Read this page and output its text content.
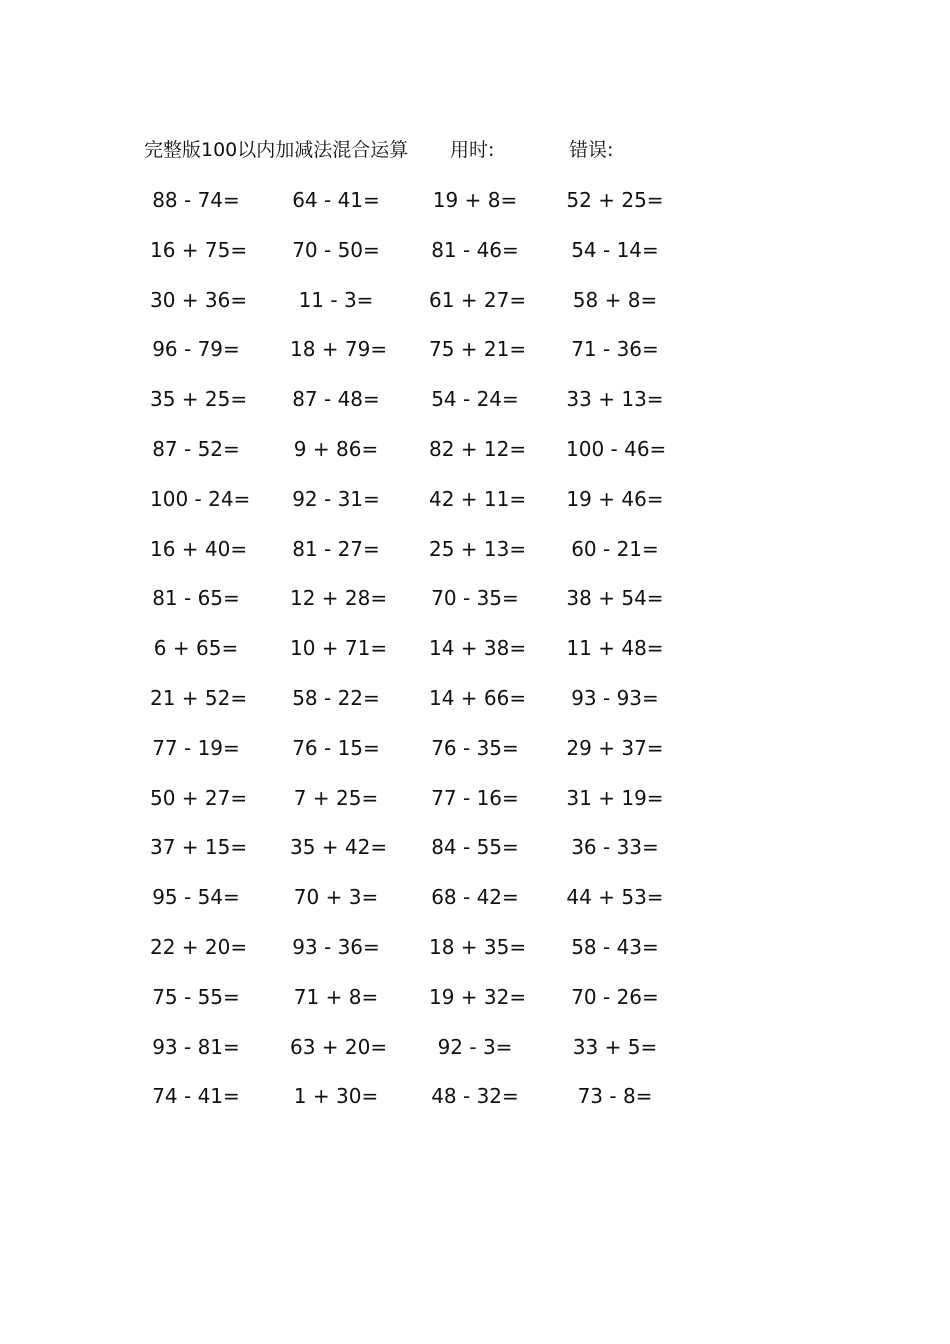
完整版100以内加减法混合运算 用时:	错误:
88 - 74=	64 - 41=	19 + 8= 52 + 25=
16 + 75= 70 - 50=	81 - 46=	54 - 14=
30 + 36=	11 - 3=	61 + 27=	58 + 8=
96 - 79=	18 + 79= 75 + 21= 71 - 36=
35 + 25= 87 - 48=	54 - 24= 33 + 13=
87 - 52=	9 + 86=	82 + 12= 100 - 46=
100 - 24= 92 - 31= 42 + 11= 19 + 46=
16 + 40= 81 - 27= 25 + 13= 60 - 21=
81 - 65=	12 + 28= 70 - 35= 38 + 54=
6 + 65=	10 + 71= 14 + 38= 11 + 48=
21 + 52= 58 - 22= 14 + 66= 93 - 93=
77 - 19=	76 - 15=	76 - 35= 29 + 37=
50 + 27= 7 + 25=	77 - 16= 31 + 19=
37 + 15= 35 + 42= 84 - 55=	36 - 33=
95 - 54=	70 + 3=	68 - 42= 44 + 53=
22 + 20= 93 - 36= 18 + 35= 58 - 43=
75 - 55=	71 + 8=	19 + 32= 70 - 26=
93 - 81=	63 + 20=	92 - 3=	33 + 5=
74 - 41=	1 + 30=	48 - 32=	73 - 8=
